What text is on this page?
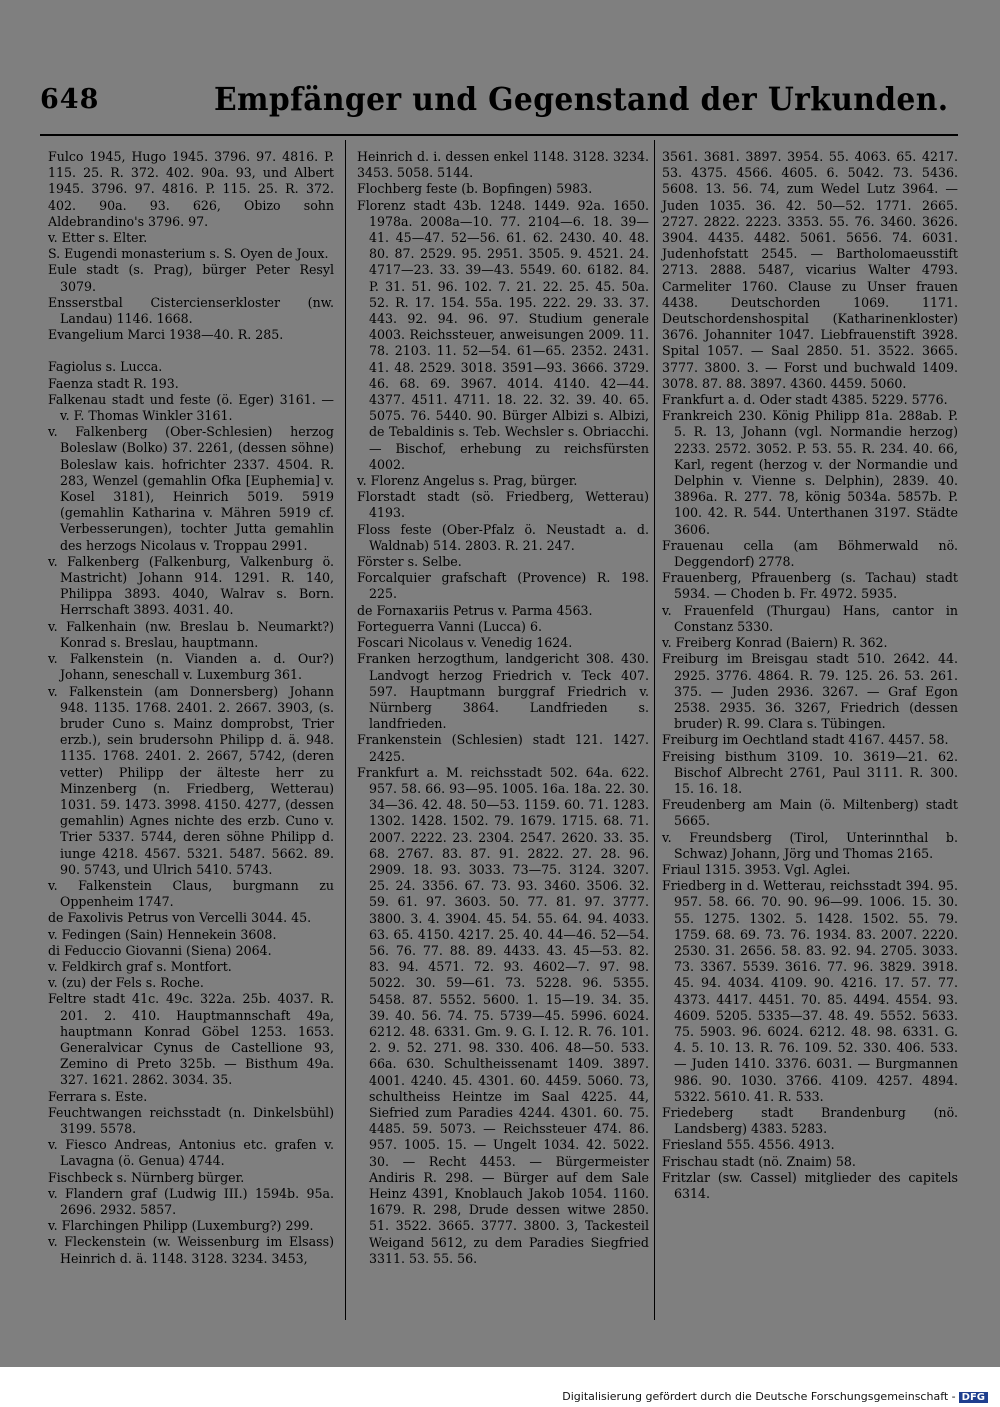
648	Empfänger und Gegenstand der Urkunden.
Fulco 1945, Hugo 1945. 3796. 97. 4816. P. 115. 25. R. 372. 402. 90a. 93, und Albert 1945. 3796. 97. 4816. P. 115. 25. R. 372. 402. 90a. 93. 626, Obizo sohn Aldebrandino's 3796. 97.
v. Etter s. Elter.
S. Eugendi monasterium s. S. Oyen de Joux.
Eule stadt (s. Prag), bürger Peter Resyl 3079.
Ensserstbal Cistercienserkloster (nw. Landau) 1146. 1668.
Evangelium Marci 1938—40. R. 285.
Fagiolus s. Lucca.
Faenza stadt R. 193.
Falkenau stadt und feste (ö. Eger) 3161. — v. F. Thomas Winkler 3161.
v. Falkenberg (Ober-Schlesien) herzog Boleslaw (Bolko) 37. 2261, (dessen söhne) Boleslaw kais. hofrichter 2337. 4504. R. 283, Wenzel (gemahlin Ofka [Euphemia] v. Kosel 3181), Heinrich 5019. 5919 (gemahlin Katharina v. Mähren 5919 cf. Verbesserungen), tochter Jutta gemahlin des herzogs Nicolaus v. Troppau 2991.
v. Falkenberg (Falkenburg, Valkenburg ö. Mastricht) Johann 914. 1291. R. 140, Philippa 3893. 4040, Walrav s. Born. Herrschaft 3893. 4031. 40.
v. Falkenhain (nw. Breslau b. Neumarkt?) Konrad s. Breslau, hauptmann.
v. Falkenstein (n. Vianden a. d. Our?) Johann, seneschall v. Luxemburg 361.
v. Falkenstein (am Donnersberg) Johann 948. 1135. 1768. 2401. 2. 2667. 3903, (s. bruder Cuno s. Mainz domprobst, Trier erzb.), sein brudersohn Philipp d. ä. 948. 1135. 1768. 2401. 2. 2667, 5742, (deren vetter) Philipp der älteste herr zu Minzenberg (n. Friedberg, Wetterau) 1031. 59. 1473. 3998. 4150. 4277, (dessen gemahlin) Agnes nichte des erzb. Cuno v. Trier 5337. 5744, deren söhne Philipp d. iunge 4218. 4567. 5321. 5487. 5662. 89. 90. 5743, und Ulrich 5410. 5743.
v. Falkenstein Claus, burgmann zu Oppenheim 1747.
de Faxolivis Petrus von Vercelli 3044. 45.
v. Fedingen (Sain) Hennekein 3608.
di Feduccio Giovanni (Siena) 2064.
v. Feldkirch graf s. Montfort.
v. (zu) der Fels s. Roche.
Feltre stadt 41c. 49c. 322a. 25b. 4037. R. 201. 2. 410. Hauptmannschaft 49a, hauptmann Konrad Göbel 1253. 1653. Generalvicar Cynus de Castellione 93, Zemino di Preto 325b. — Bisthum 49a. 327. 1621. 2862. 3034. 35.
Ferrara s. Este.
Feuchtwangen reichsstadt (n. Dinkelsbühl) 3199. 5578.
v. Fiesco Andreas, Antonius etc. grafen v. Lavagna (ö. Genua) 4744.
Fischbeck s. Nürnberg bürger.
v. Flandern graf (Ludwig III.) 1594b. 95a. 2696. 2932. 5857.
v. Flarchingen Philipp (Luxemburg?) 299.
v. Fleckenstein (w. Weissenburg im Elsass) Heinrich d. ä. 1148. 3128. 3234. 3453,
Heinrich d. i. dessen enkel 1148. 3128. 3234. 3453. 5058. 5144.
Flochberg feste (b. Bopfingen) 5983.
Florenz stadt 43b. 1248. 1449. 92a. 1650. 1978a. 2008a—10. 77. 2104—6. 18. 39—41. 45—47. 52—56. 61. 62. 2430. 40. 48. 80. 87. 2529. 95. 2951. 3505. 9. 4521. 24. 4717—23. 33. 39—43. 5549. 60. 6182. 84. P. 31. 51. 96. 102. 7. 21. 22. 25. 45. 50a. 52. R. 17. 154. 55a. 195. 222. 29. 33. 37. 443. 92. 94. 96. 97. Studium generale 4003. Reichssteuer, anweisungen 2009. 11. 78. 2103. 11. 52—54. 61—65. 2352. 2431. 41. 48. 2529. 3018. 3591—93. 3666. 3729. 46. 68. 69. 3967. 4014. 4140. 42—44. 4377. 4511. 4711. 18. 22. 32. 39. 40. 65. 5075. 76. 5440. 90. Bürger Albizi s. Albizi, de Tebaldinis s. Teb. Wechsler s. Obriacchi. — Bischof, erhebung zu reichsfürsten 4002.
v. Florenz Angelus s. Prag, bürger.
Florstadt stadt (sö. Friedberg, Wetterau) 4193.
Floss feste (Ober-Pfalz ö. Neustadt a. d. Waldnab) 514. 2803. R. 21. 247.
Förster s. Selbe.
Forcalquier grafschaft (Provence) R. 198. 225.
de Fornaxariis Petrus v. Parma 4563.
Forteguerra Vanni (Lucca) 6.
Foscari Nicolaus v. Venedig 1624.
Franken herzogthum, landgericht 308. 430. Landvogt herzog Friedrich v. Teck 407. 597. Hauptmann burggraf Friedrich v. Nürnberg 3864. Landfrieden s. landfrieden.
Frankenstein (Schlesien) stadt 121. 1427. 2425.
Frankfurt a. M. reichsstadt 502. 64a. 622. 957. 58. 66. 93—95. 1005. 16a. 18a. 22. 30. 34—36. 42. 48. 50—53. 1159. 60. 71. 1283. 1302. 1428. 1502. 79. 1679. 1715. 68. 71. 2007. 2222. 23. 2304. 2547. 2620. 33. 35. 68. 2767. 83. 87. 91. 2822. 27. 28. 96. 2909. 18. 93. 3033. 73—75. 3124. 3207. 25. 24. 3356. 67. 73. 93. 3460. 3506. 32. 59. 61. 97. 3603. 50. 77. 81. 97. 3777. 3800. 3. 4. 3904. 45. 54. 55. 64. 94. 4033. 63. 65. 4150. 4217. 25. 40. 44—46. 52—54. 56. 76. 77. 88. 89. 4433. 43. 45—53. 82. 83. 94. 4571. 72. 93. 4602—7. 97. 98. 5022. 30. 59—61. 73. 5228. 96. 5355. 5458. 87. 5552. 5600. 1. 15—19. 34. 35. 39. 40. 56. 74. 75. 5739—45. 5996. 6024. 6212. 48. 6331. Gm. 9. G. I. 12. R. 76. 101. 2. 9. 52. 271. 98. 330. 406. 48—50. 533. 66a. 630. Schultheissenamt 1409. 3897. 4001. 4240. 45. 4301. 60. 4459. 5060. 73, schultheiss Heintze im Saal 4225. 44, Siefried zum Paradies 4244. 4301. 60. 75. 4485. 59. 5073. — Reichssteuer 474. 86. 957. 1005. 15. — Ungelt 1034. 42. 5022. 30. — Recht 4453. — Bürgermeister Andiris R. 298. — Bürger auf dem Sale Heinz 4391, Knoblauch Jakob 1054. 1160. 1679. R. 298, Drude dessen witwe 2850. 51. 3522. 3665. 3777. 3800. 3, Tackesteil Weigand 5612, zu dem Paradies Siegfried 3311. 53. 55. 56.
3561. 3681. 3897. 3954. 55. 4063. 65. 4217. 53. 4375. 4566. 4605. 6. 5042. 73. 5436. 5608. 13. 56. 74, zum Wedel Lutz 3964. — Juden 1035. 36. 42. 50—52. 1771. 2665. 2727. 2822. 2223. 3353. 55. 76. 3460. 3626. 3904. 4435. 4482. 5061. 5656. 74. 6031. Judenhofstatt 2545. — Bartholomaeusstift 2713. 2888. 5487, vicarius Walter 4793. Carmeliter 1760. Clause zu Unser frauen 4438. Deutschorden 1069. 1171. Deutschordenshospital (Katharinenkloster) 3676. Johanniter 1047. Liebfrauenstift 3928. Spital 1057. — Saal 2850. 51. 3522. 3665. 3777. 3800. 3. — Forst und buchwald 1409. 3078. 87. 88. 3897. 4360. 4459. 5060.
Frankfurt a. d. Oder stadt 4385. 5229. 5776.
Frankreich 230. König Philipp 81a. 288ab. P. 5. R. 13, Johann (vgl. Normandie herzog) 2233. 2572. 3052. P. 53. 55. R. 234. 40. 66, Karl, regent (herzog v. der Normandie und Delphin v. Vienne s. Delphin), 2839. 40. 3896a. R. 277. 78, könig 5034a. 5857b. P. 100. 42. R. 544. Unterthanen 3197. Städte 3606.
Frauenau cella (am Böhmerwald nö. Deggendorf) 2778.
Frauenberg, Pfrauenberg (s. Tachau) stadt 5934. — Choden b. Fr. 4972. 5935.
v. Frauenfeld (Thurgau) Hans, cantor in Constanz 5330.
v. Freiberg Konrad (Baiern) R. 362.
Freiburg im Breisgau stadt 510. 2642. 44. 2925. 3776. 4864. R. 79. 125. 26. 53. 261. 375. — Juden 2936. 3267. — Graf Egon 2538. 2935. 36. 3267, Friedrich (dessen bruder) R. 99. Clara s. Tübingen.
Freiburg im Oechtland stadt 4167. 4457. 58.
Freising bisthum 3109. 10. 3619—21. 62. Bischof Albrecht 2761, Paul 3111. R. 300. 15. 16. 18.
Freudenberg am Main (ö. Miltenberg) stadt 5665.
v. Freundsberg (Tirol, Unterinnthal b. Schwaz) Johann, Jörg und Thomas 2165.
Friaul 1315. 3953. Vgl. Aglei.
Friedberg in d. Wetterau, reichsstadt 394. 95. 957. 58. 66. 70. 90. 96—99. 1006. 15. 30. 55. 1275. 1302. 5. 1428. 1502. 55. 79. 1759. 68. 69. 73. 76. 1934. 83. 2007. 2220. 2530. 31. 2656. 58. 83. 92. 94. 2705. 3033. 73. 3367. 5539. 3616. 77. 96. 3829. 3918. 45. 94. 4034. 4109. 90. 4216. 17. 57. 77. 4373. 4417. 4451. 70. 85. 4494. 4554. 93. 4609. 5205. 5335—37. 48. 49. 5552. 5633. 75. 5903. 96. 6024. 6212. 48. 98. 6331. G. 4. 5. 10. 13. R. 76. 109. 52. 330. 406. 533. — Juden 1410. 3376. 6031. — Burgmannen 986. 90. 1030. 3766. 4109. 4257. 4894. 5322. 5610. 41. R. 533.
Friedeberg stadt Brandenburg (nö. Landsberg) 4383. 5283.
Friesland 555. 4556. 4913.
Frischau stadt (nö. Znaim) 58.
Fritzlar (sw. Cassel) mitglieder des capitels 6314.
Digitalisierung gefördert durch die Deutsche Forschungsgemeinschaft - DFG
